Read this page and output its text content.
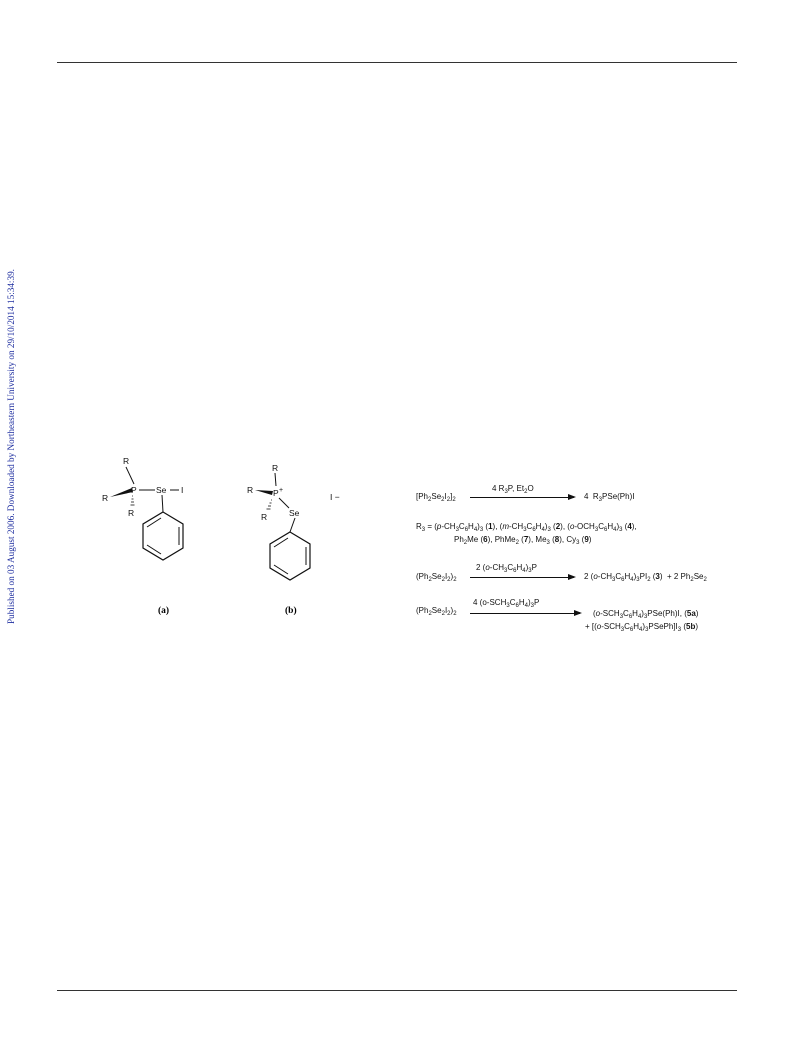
Published on 03 August 2006. Downloaded by Northeastern University on 29/10/2014 15:34:39.	R
R
P
R
Se I
(a)
R
R P +
R	Se
I −
(b)
$[Ph_2Se_2I_2]_2$
4 $R_3P$, $Et_2O$
4  $R_3PSe(Ph)I$
$R_3 = (p-CH_3C_6H_4)_3$ (1), $(m-CH_3C_6H_4)_3$ (2), $(o-OCH_3C_6H_4)_3$ (4),
$Ph_2Me$ (6), PhMe$_2$ (7), $Me_3$ (8), $Cy_3$ (9)
$(Ph_2Se_2I_2)_2$
2 $(o-CH_3C_6H_4)_3P$
2 $(o-CH_3C_6H_4)_3PI_2$ (3)  + 2 $Ph_2Se_2$
$(Ph_2Se_2I_2)_2$
4 $(o-SCH_3C_6H_4)_3P$
$(o-SCH_3C_6H_4)_3PSe(Ph)I$, (5a)
+ $[(o-SCH_3C_6H_4)_3PSePh]I_3$ (5b)
